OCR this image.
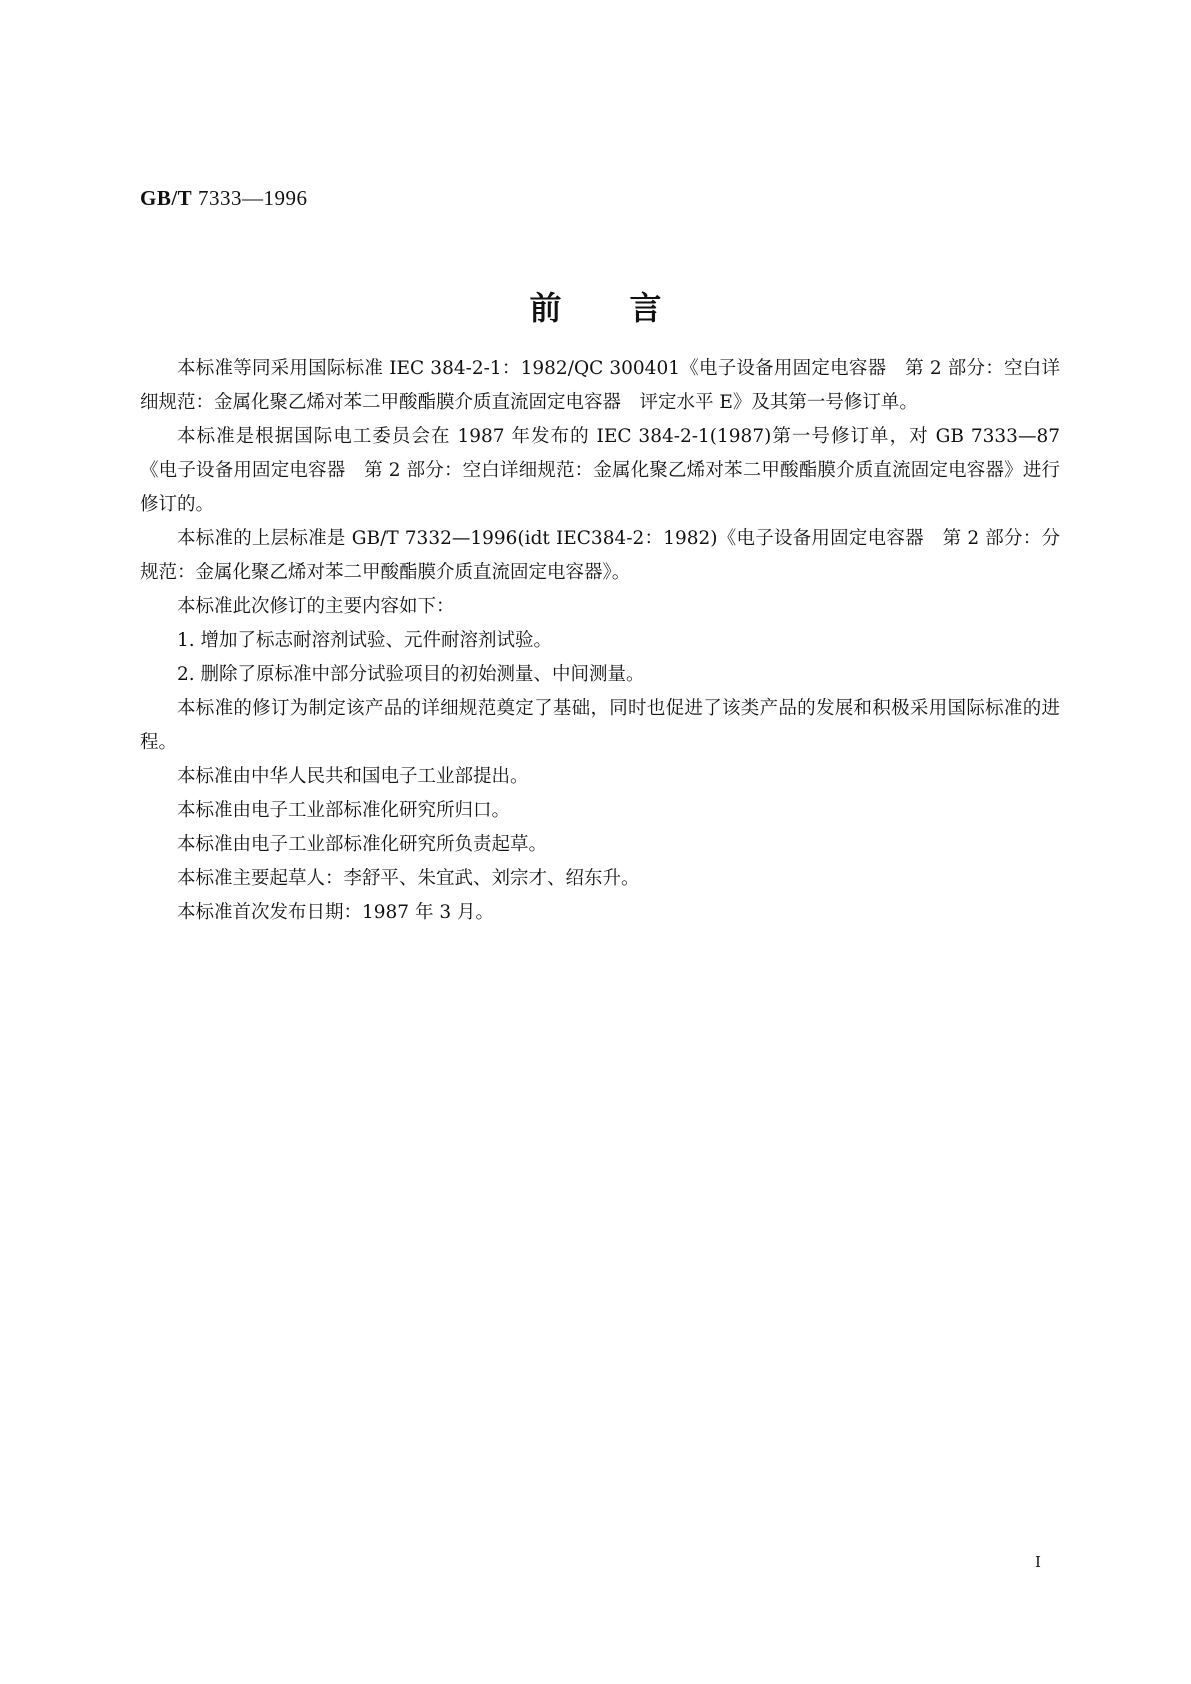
GB/T 7333—1996
前言

本标准等同采用国际标准 IEC 384-2-1：1982/QC 300401《电子设备用固定电容器　第 2 部分：空白详细规范：金属化聚乙烯对苯二甲酸酯膜介质直流固定电容器　评定水平 E》及其第一号修订单。

本标准是根据国际电工委员会在 1987 年发布的 IEC 384-2-1(1987)第一号修订单，对 GB 7333—87《电子设备用固定电容器　第 2 部分：空白详细规范：金属化聚乙烯对苯二甲酸酯膜介质直流固定电容器》进行修订的。

本标准的上层标准是 GB/T 7332—1996(idt IEC384-2：1982)《电子设备用固定电容器　第 2 部分：分规范：金属化聚乙烯对苯二甲酸酯膜介质直流固定电容器》。

本标准此次修订的主要内容如下：

1. 增加了标志耐溶剂试验、元件耐溶剂试验。

2. 删除了原标准中部分试验项目的初始测量、中间测量。

本标准的修订为制定该产品的详细规范奠定了基础，同时也促进了该类产品的发展和积极采用国际标准的进程。

本标准由中华人民共和国电子工业部提出。

本标准由电子工业部标准化研究所归口。

本标准由电子工业部标准化研究所负责起草。

本标准主要起草人：李舒平、朱宜武、刘宗才、绍东升。

本标准首次发布日期：1987 年 3 月。

I
